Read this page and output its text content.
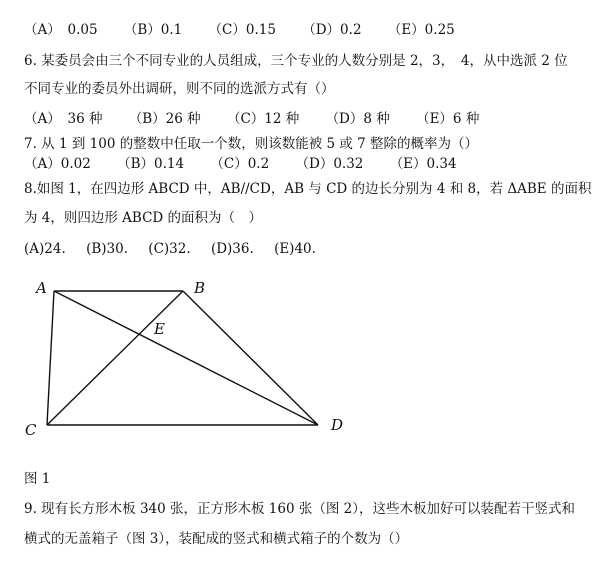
（A）　0.05 （B）0.1 （C）0.15 （D）0.2 （E）0.25
6. 某委员会由三个不同专业的人员组成，三个专业的人数分别是 2，3，　4，从中选派 2 位
不同专业的委员外出调研，则不同的选派方式有（）
（A）　36 种 （B）26 种 （C）12 种 （D）8 种 （E）6 种
7. 从 1 到 100 的整数中任取一个数，则该数能被 5 或 7 整除的概率为（）
（A）0.02 （B）0.14 （C）0.2 （D）0.32 （E）0.34
8.如图 1，在四边形 ABCD 中，AB//CD，AB 与 CD 的边长分别为 4 和 8，若 ΔABE 的面积
为 4，则四边形 ABCD 的面积为（　）
(A)24. (B)30. (C)32. (D)36. (E)40.
A	B
C	D
E
图 1
9. 现有长方形木板 340 张，正方形木板 160 张（图 2），这些木板加好可以装配若干竖式和
横式的无盖箱子（图 3），装配成的竖式和横式箱子的个数为（）
